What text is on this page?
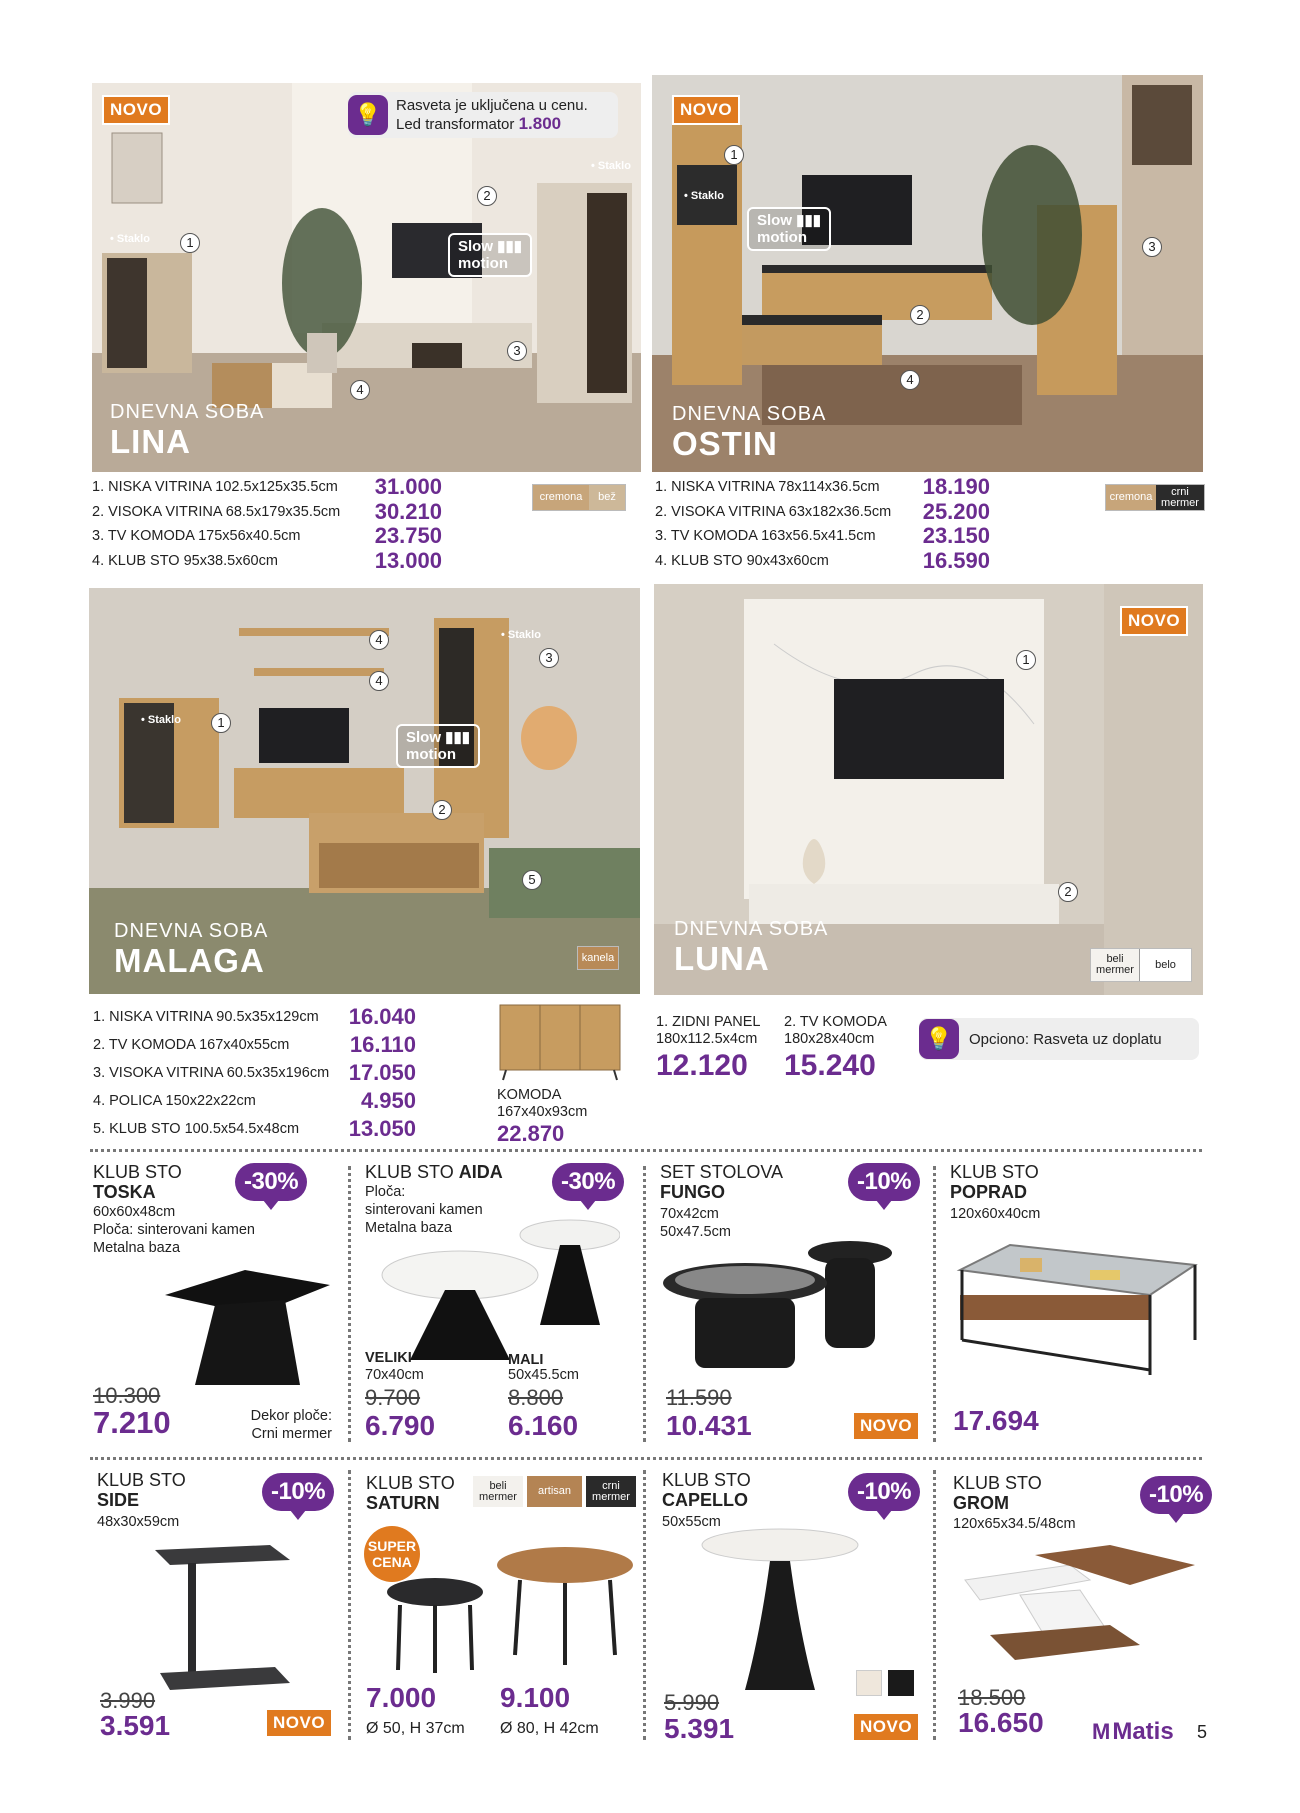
NOVO
• Staklo
• Staklo
1
2
3
4
Slow ▮▮▮
motion
DNEVNA SOBA
LINA
💡 Rasveta je uključena u cenu.
Led transformator 1.800
1. NISKA VITRINA 102.5x125x35.5cm 31.000
2. VISOKA VITRINA 68.5x179x35.5cm 30.210
3. TV KOMODA 175x56x40.5cm	23.750
4. KLUB STO 95x38.5x60cm	13.000
cremona	bež
NOVO
• Staklo
1
2
3
4
Slow ▮▮▮
motion
DNEVNA SOBA
OSTIN
1. NISKA VITRINA 78x114x36.5cm 18.190
2. VISOKA VITRINA 63x182x36.5cm 25.200
3. TV KOMODA 163x56.5x41.5cm 23.150
4. KLUB STO 90x43x60cm	16.590
cremona	crni mermer
• Staklo
• Staklo
1
2
3
4
4
5
Slow ▮▮▮
motion
kanela
DNEVNA SOBA
MALAGA
1. NISKA VITRINA 90.5x35x129cm 16.040
2. TV KOMODA 167x40x55cm	16.110
3. VISOKA VITRINA 60.5x35x196cm 17.050
4. POLICA 150x22x22cm	4.950
5. KLUB STO 100.5x54.5x48cm 13.050
KOMODA
167x40x93cm
22.870
NOVO
1
2
beli mermer	belo
DNEVNA SOBA
LUNA
1. ZIDNI PANEL
180x112.5x4cm
12.120
2. TV KOMODA
180x28x40cm
15.240
💡	Opciono: Rasveta uz doplatu
KLUB STO
TOSKA	-30%
60x60x48cm
Ploča: sinterovani kamen
Metalna baza
10.300
7.210	Dekor ploče:
Crni mermer
KLUB STO AIDA	-30%
Ploča:
sinterovani kamen
Metalna baza
VELIKI
70x40cm
9.700
6.790
MALI
50x45.5cm
8.800
6.160
SET STOLOVA
FUNGO	-10%
70x42cm
50x47.5cm
11.590
10.431	NOVO
KLUB STO
POPRAD
120x60x40cm
17.694
KLUB STO
SIDE	-10%
48x30x59cm
3.990
3.591	NOVO
KLUB STO
SATURN
beli mermer	artisan	crni mermer
SUPER
CENA
7.000
Ø 50, H 37cm
9.100
Ø 80, H 42cm
KLUB STO
CAPELLO	-10%
50x55cm
5.990
5.391	NOVO
KLUB STO
GROM	-10%
120x65x34.5/48cm
18.500
16.650 M Matis 5
